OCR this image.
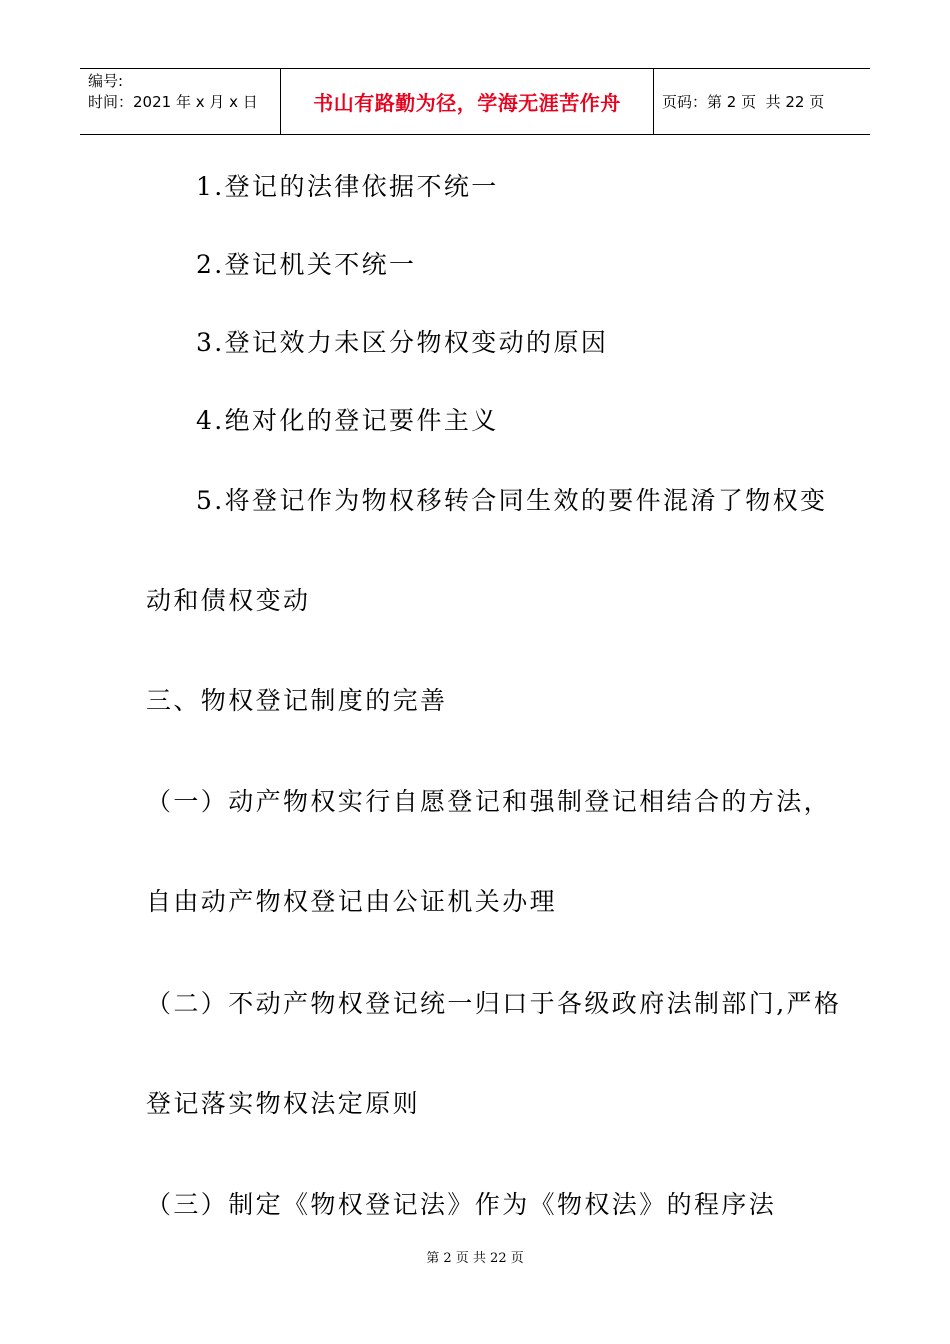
编号:
时间：2021 年 x 月 x 日	书山有路勤为径，学海无涯苦作舟	页码：第 2 页  共 22 页
1.登记的法律依据不统一
2.登记机关不统一
3.登记效力未区分物权变动的原因
4.绝对化的登记要件主义
5.将登记作为物权移转合同生效的要件混淆了物权变
动和债权变动
三、物权登记制度的完善
（一）动产物权实行自愿登记和强制登记相结合的方法，
自由动产物权登记由公证机关办理
（二）不动产物权登记统一归口于各级政府法制部门,严格
登记落实物权法定原则
（三）制定《物权登记法》作为《物权法》的程序法
第 2 页 共 22 页
